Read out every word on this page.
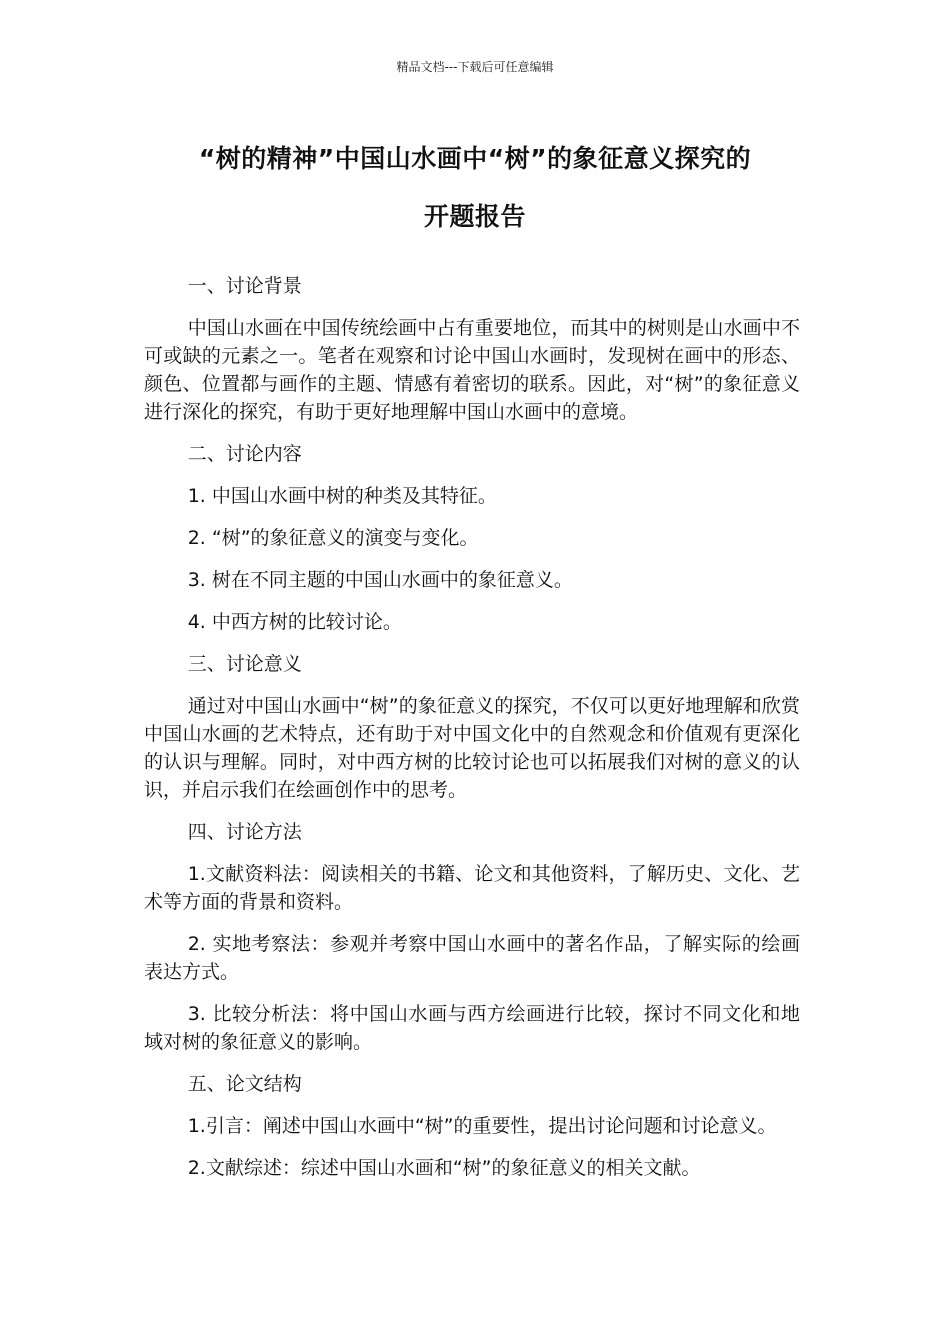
精品文档---下载后可任意编辑
“树的精神”中国山水画中“树”的象征意义探究的
开题报告
一、讨论背景
中国山水画在中国传统绘画中占有重要地位，而其中的树则是山水画中不可或缺的元素之一。笔者在观察和讨论中国山水画时，发现树在画中的形态、颜色、位置都与画作的主题、情感有着密切的联系。因此，对“树”的象征意义进行深化的探究，有助于更好地理解中国山水画中的意境。
二、讨论内容
1. 中国山水画中树的种类及其特征。
2. “树”的象征意义的演变与变化。
3. 树在不同主题的中国山水画中的象征意义。
4. 中西方树的比较讨论。
三、讨论意义
通过对中国山水画中“树”的象征意义的探究，不仅可以更好地理解和欣赏中国山水画的艺术特点，还有助于对中国文化中的自然观念和价值观有更深化的认识与理解。同时，对中西方树的比较讨论也可以拓展我们对树的意义的认识，并启示我们在绘画创作中的思考。
四、讨论方法
1.文献资料法：阅读相关的书籍、论文和其他资料，了解历史、文化、艺术等方面的背景和资料。
2. 实地考察法：参观并考察中国山水画中的著名作品，了解实际的绘画表达方式。
3. 比较分析法：将中国山水画与西方绘画进行比较，探讨不同文化和地域对树的象征意义的影响。
五、论文结构
1.引言：阐述中国山水画中“树”的重要性，提出讨论问题和讨论意义。
2.文献综述：综述中国山水画和“树”的象征意义的相关文献。
